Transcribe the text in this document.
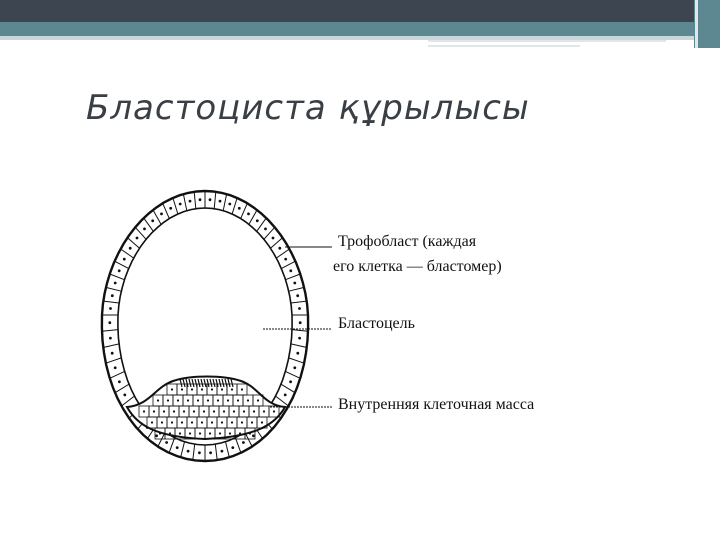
Бластоциста құрылысы
Трофобласт (каждая
его клетка — бластомер)
Бластоцель
Внутренняя клеточная масса
